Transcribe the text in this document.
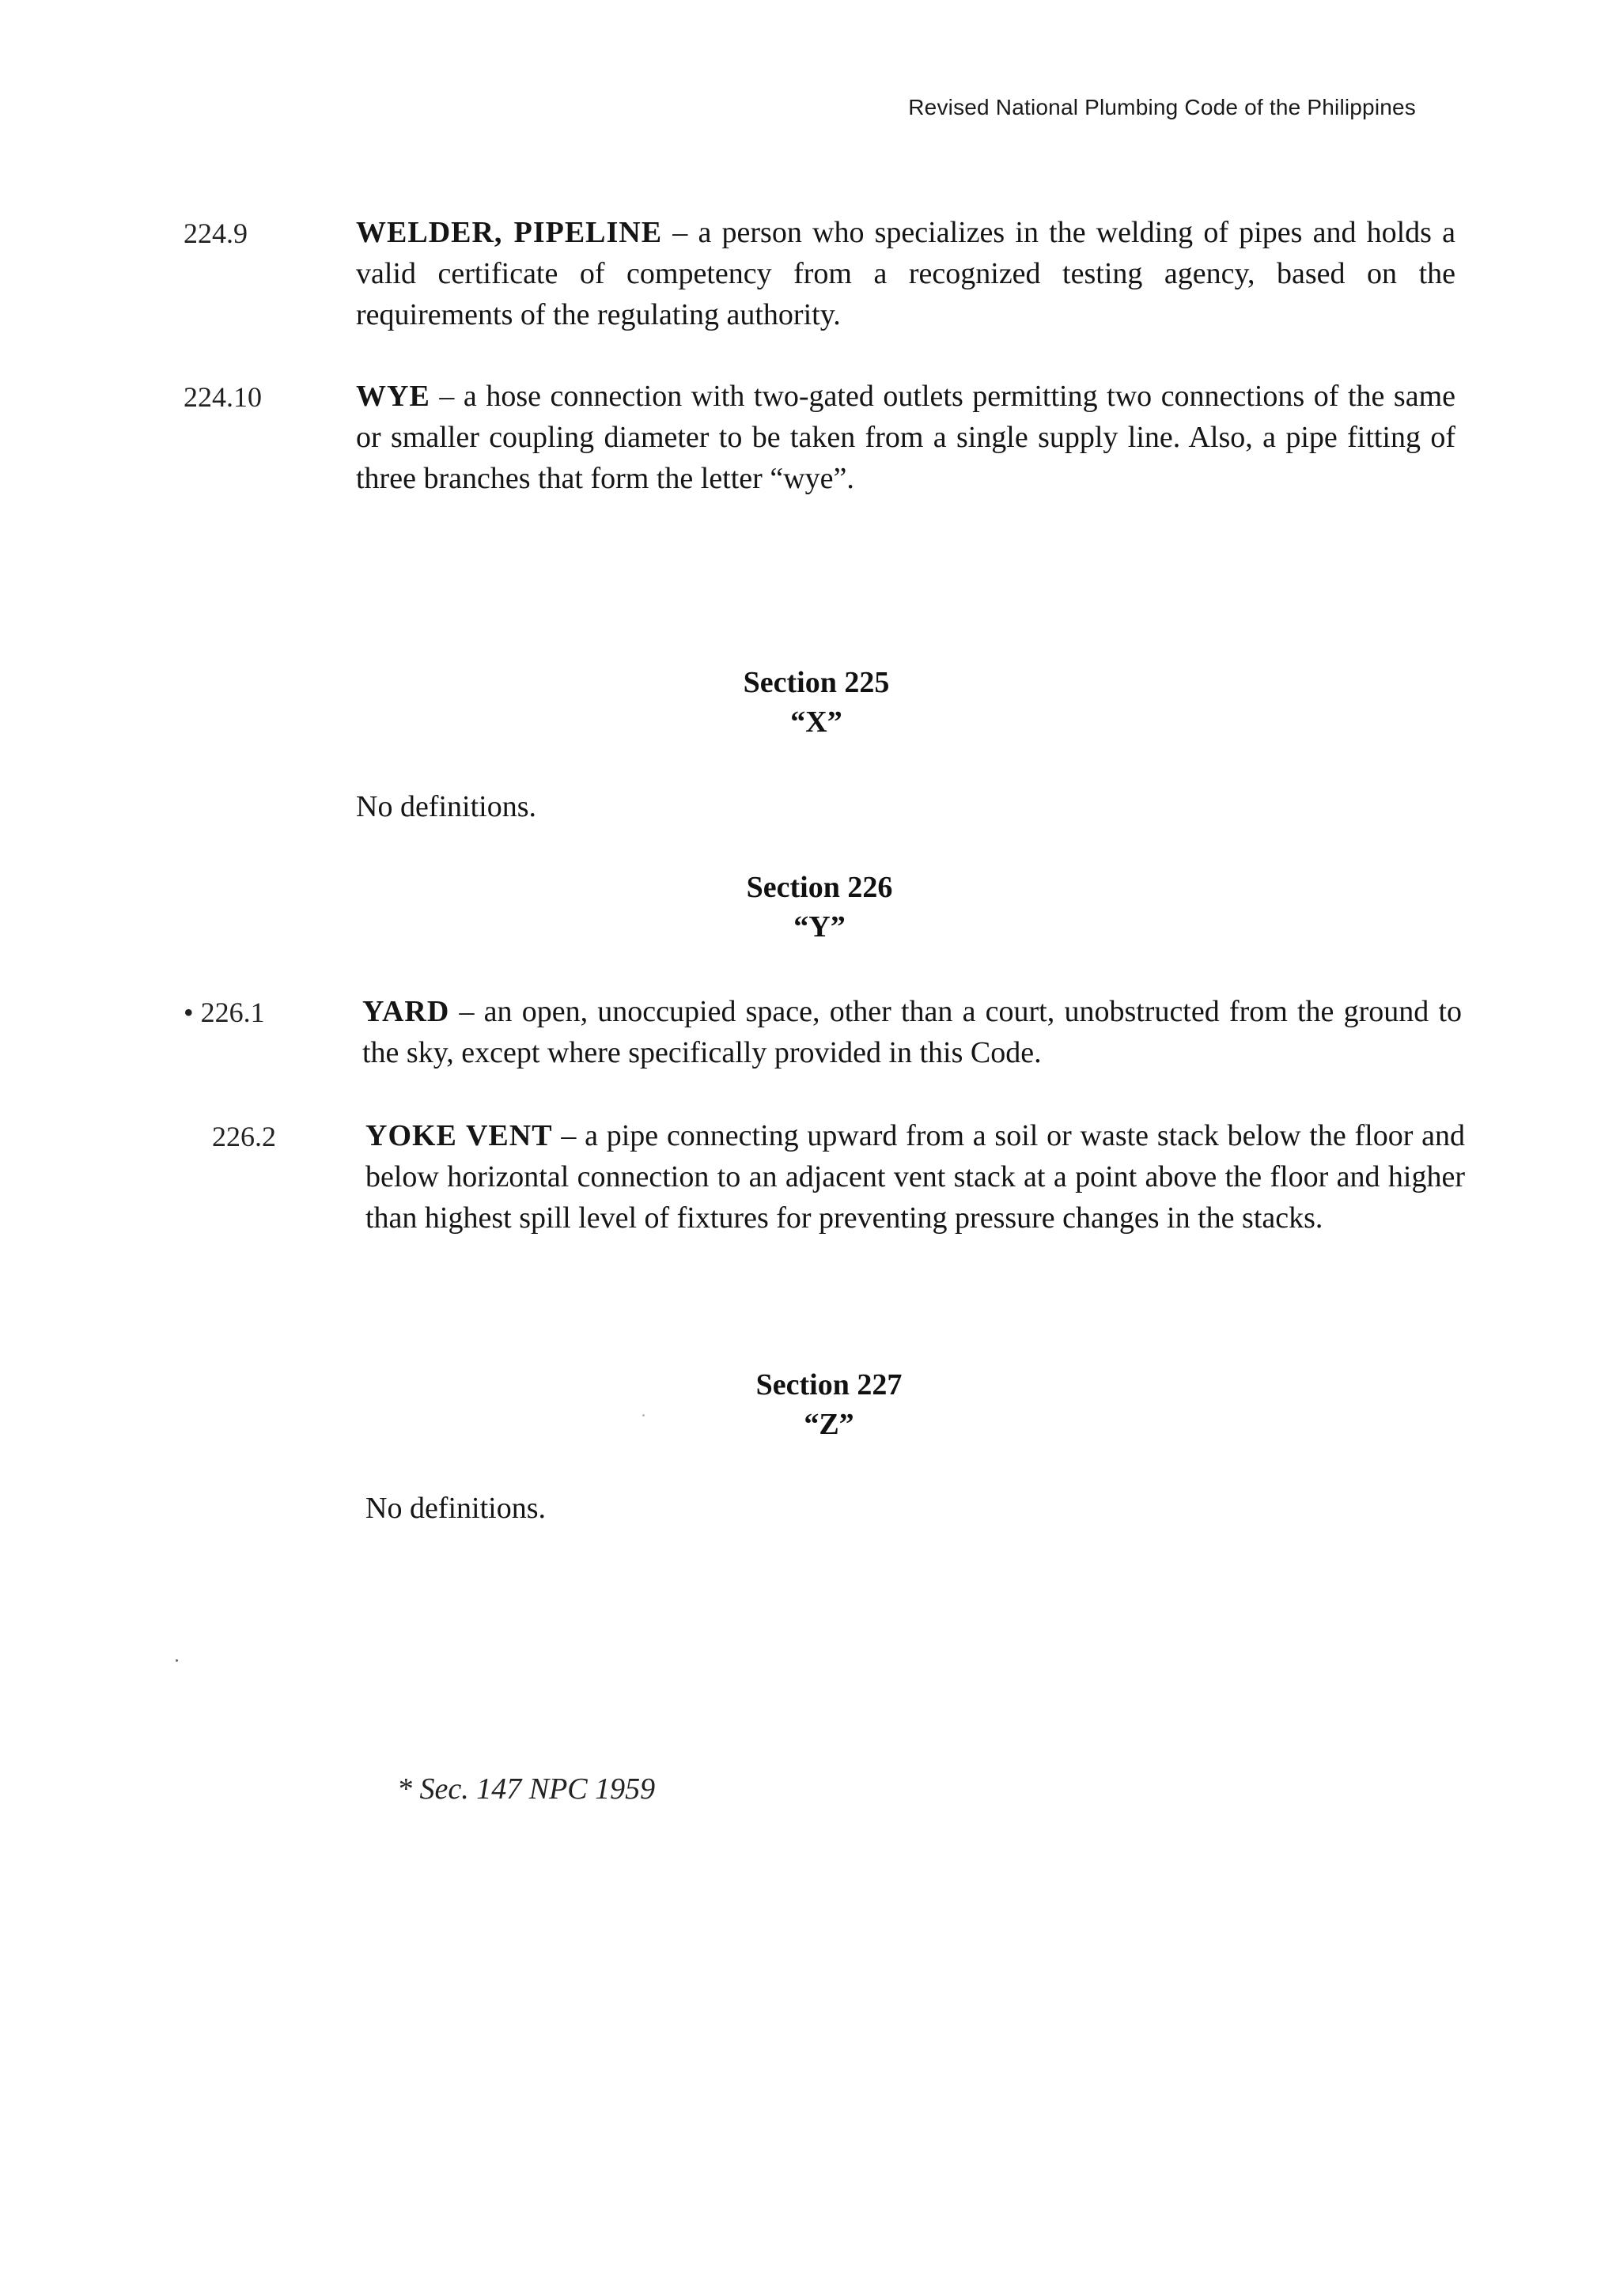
Revised National Plumbing Code of the Philippines
224.9	WELDER, PIPELINE – a person who specializes in the welding of pipes and holds a valid certificate of competency from a recognized testing agency, based on the requirements of the regulating authority.
224.10	WYE – a hose connection with two-gated outlets permitting two connections of the same or smaller coupling diameter to be taken from a single supply line. Also, a pipe fitting of three branches that form the letter “wye”.
Section 225
“X”
No definitions.
Section 226
“Y”
• 226.1	YARD – an open, unoccupied space, other than a court, unobstructed from the ground to the sky, except where specifically provided in this Code.
226.2	YOKE VENT – a pipe connecting upward from a soil or waste stack below the floor and below horizontal connection to an adjacent vent stack at a point above the floor and higher than highest spill level of fixtures for preventing pressure changes in the stacks.
Section 227
“Z”
No definitions.
* Sec. 147 NPC 1959
